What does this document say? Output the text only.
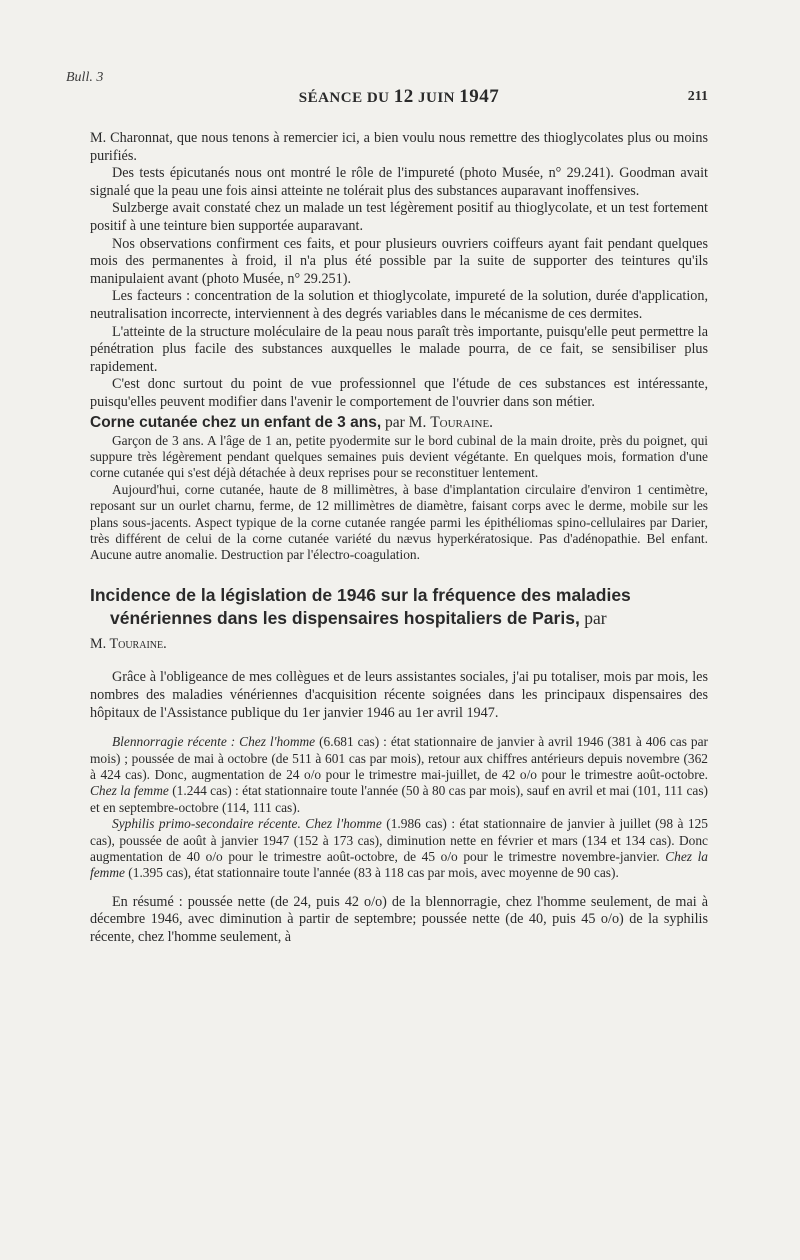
Bull. 3
SÉANCE DU 12 JUIN 1947	211

M. Charonnat, que nous tenons à remercier ici, a bien voulu nous remettre des thioglycolates plus ou moins purifiés.

Des tests épicutanés nous ont montré le rôle de l'impureté (photo Musée, n° 29.241). Goodman avait signalé que la peau une fois ainsi atteinte ne tolérait plus des substances auparavant inoffensives.

Sulzberge avait constaté chez un malade un test légèrement positif au thioglycolate, et un test fortement positif à une teinture bien supportée auparavant.

Nos observations confirment ces faits, et pour plusieurs ouvriers coiffeurs ayant fait pendant quelques mois des permanentes à froid, il n'a plus été possible par la suite de supporter des teintures qu'ils manipulaient avant (photo Musée, n° 29.251).

Les facteurs : concentration de la solution et thioglycolate, impureté de la solution, durée d'application, neutralisation incorrecte, interviennent à des degrés variables dans le mécanisme de ces dermites.

L'atteinte de la structure moléculaire de la peau nous paraît très importante, puisqu'elle peut permettre la pénétration plus facile des substances auxquelles le malade pourra, de ce fait, se sensibiliser plus rapidement.

C'est donc surtout du point de vue professionnel que l'étude de ces substances est intéressante, puisqu'elles peuvent modifier dans l'avenir le comportement de l'ouvrier dans son métier.

Corne cutanée chez un enfant de 3 ans, par M. Touraine.

Garçon de 3 ans. A l'âge de 1 an, petite pyodermite sur le bord cubinal de la main droite, près du poignet, qui suppure très légèrement pendant quelques semaines puis devient végétante. En quelques mois, formation d'une corne cutanée qui s'est déjà détachée à deux reprises pour se reconstituer lentement.

Aujourd'hui, corne cutanée, haute de 8 millimètres, à base d'implantation circulaire d'environ 1 centimètre, reposant sur un ourlet charnu, ferme, de 12 millimètres de diamètre, faisant corps avec le derme, mobile sur les plans sous-jacents. Aspect typique de la corne cutanée rangée parmi les épithéliomas spino-cellulaires par Darier, très différent de celui de la corne cutanée variété du nævus hyperkératosique. Pas d'adénopathie. Bel enfant. Aucune autre anomalie. Destruction par l'électro-coagulation.

Incidence de la législation de 1946 sur la fréquence des maladies
vénériennes dans les dispensaires hospitaliers de Paris, par

M. Touraine.

Grâce à l'obligeance de mes collègues et de leurs assistantes sociales, j'ai pu totaliser, mois par mois, les nombres des maladies vénériennes d'acquisition récente soignées dans les principaux dispensaires des hôpitaux de l'Assistance publique du 1er janvier 1946 au 1er avril 1947.

Blennorragie récente : Chez l'homme (6.681 cas) : état stationnaire de janvier à avril 1946 (381 à 406 cas par mois) ; poussée de mai à octobre (de 511 à 601 cas par mois), retour aux chiffres antérieurs depuis novembre (362 à 424 cas). Donc, augmentation de 24 o/o pour le trimestre mai-juillet, de 42 o/o pour le trimestre août-octobre. Chez la femme (1.244 cas) : état stationnaire toute l'année (50 à 80 cas par mois), sauf en avril et mai (101, 111 cas) et en septembre-octobre (114, 111 cas).

Syphilis primo-secondaire récente. Chez l'homme (1.986 cas) : état stationnaire de janvier à juillet (98 à 125 cas), poussée de août à janvier 1947 (152 à 173 cas), diminution nette en février et mars (134 et 134 cas). Donc augmentation de 40 o/o pour le trimestre août-octobre, de 45 o/o pour le trimestre novembre-janvier. Chez la femme (1.395 cas), état stationnaire toute l'année (83 à 118 cas par mois, avec moyenne de 90 cas).

En résumé : poussée nette (de 24, puis 42 o/o) de la blennorragie, chez l'homme seulement, de mai à décembre 1946, avec diminution à partir de septembre; poussée nette (de 40, puis 45 o/o) de la syphilis récente, chez l'homme seulement, à
